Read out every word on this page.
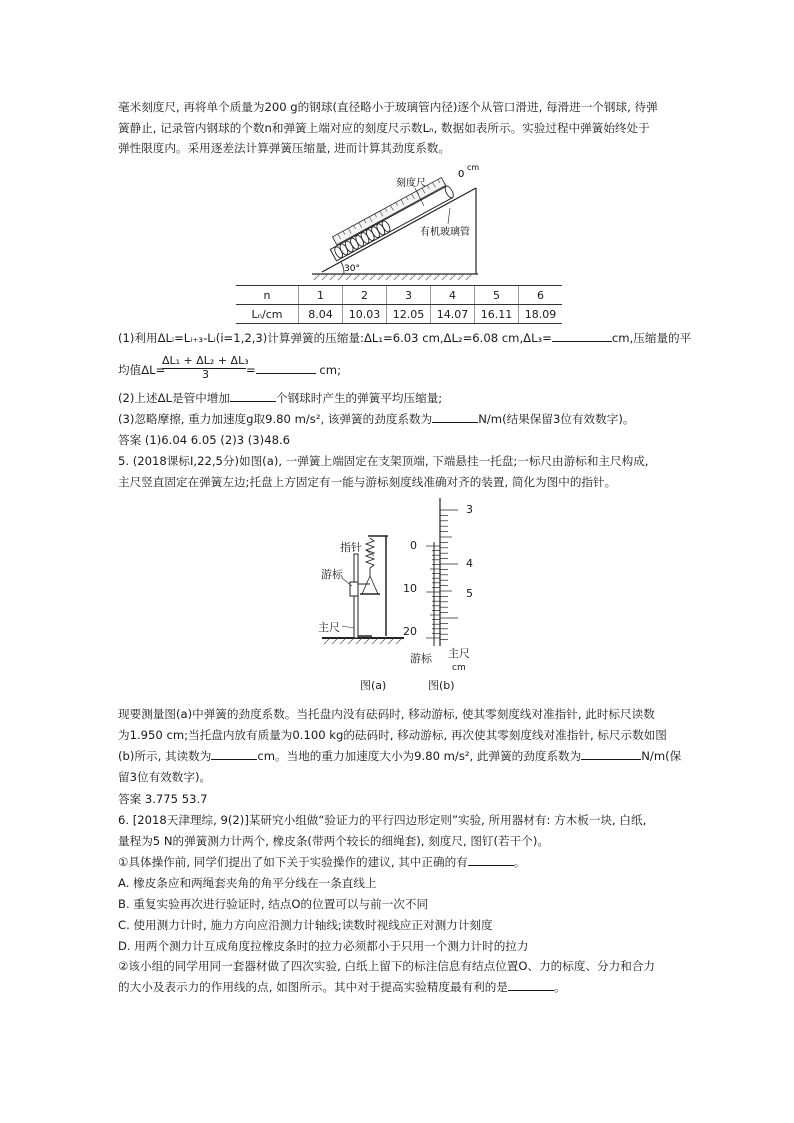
毫米刻度尺, 再将单个质量为200 g的钢球(直径略小于玻璃管内径)逐个从管口滑进, 每滑进一个钢球, 待弹
簧静止, 记录管内钢球的个数n和弹簧上端对应的刻度尺示数Lₙ, 数据如表所示。实验过程中弹簧始终处于
弹性限度内。采用逐差法计算弹簧压缩量, 进而计算其劲度系数。
30°
刻度尺
0
cm
有机玻璃管
n	1	2	3	4	5	6
Lₙ/cm	8.04	10.03	12.05	14.07	16.11	18.09
(1)利用ΔLᵢ=Lᵢ₊₃-Lᵢ(i=1,2,3)计算弹簧的压缩量:ΔL₁=6.03 cm,ΔL₂=6.08 cm,ΔL₃=	cm,压缩量的平
均值ΔL=
ΔL₁ + ΔL₂ + ΔL₃
3	=	cm;
(2)上述ΔL是管中增加	个钢球时产生的弹簧平均压缩量;
(3)忽略摩擦, 重力加速度g取9.80 m/s², 该弹簧的劲度系数为	N/m(结果保留3位有效数字)。
答案 (1)6.04 6.05 (2)3 (3)48.6
5. (2018课标Ⅰ,22,5分)如图(a), 一弹簧上端固定在支架顶端, 下端悬挂一托盘;一标尺由游标和主尺构成,
主尺竖直固定在弹簧左边;托盘上方固定有一能与游标刻度线准确对齐的装置, 简化为图中的指针。
指针
游标
主尺
3
4
5
0
10
20
游标 主尺
cm
图(a)	图(b)
现要测量图(a)中弹簧的劲度系数。当托盘内没有砝码时, 移动游标, 使其零刻度线对准指针, 此时标尺读数
为1.950 cm;当托盘内放有质量为0.100 kg的砝码时, 移动游标, 再次使其零刻度线对准指针, 标尺示数如图
(b)所示, 其读数为	cm。当地的重力加速度大小为9.80 m/s², 此弹簧的劲度系数为	N/m(保
留3位有效数字)。
答案 3.775 53.7
6. [2018天津理综, 9(2)]某研究小组做“验证力的平行四边形定则”实验, 所用器材有: 方木板一块, 白纸,
量程为5 N的弹簧测力计两个, 橡皮条(带两个较长的细绳套), 刻度尺, 图钉(若干个)。
①具体操作前, 同学们提出了如下关于实验操作的建议, 其中正确的有	。
A. 橡皮条应和两绳套夹角的角平分线在一条直线上
B. 重复实验再次进行验证时, 结点O的位置可以与前一次不同
C. 使用测力计时, 施力方向应沿测力计轴线;读数时视线应正对测力计刻度
D. 用两个测力计互成角度拉橡皮条时的拉力必须都小于只用一个测力计时的拉力
②该小组的同学用同一套器材做了四次实验, 白纸上留下的标注信息有结点位置O、力的标度、分力和合力
的大小及表示力的作用线的点, 如图所示。其中对于提高实验精度最有利的是	。
